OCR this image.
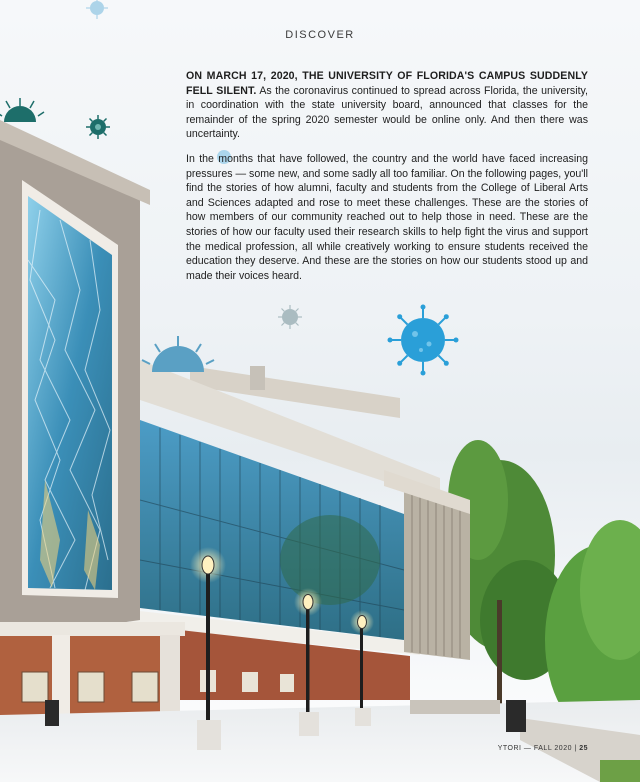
DISCOVER

ON MARCH 17, 2020, THE UNIVERSITY OF FLORIDA'S CAMPUS SUDDENLY FELL SILENT. As the coronavirus continued to spread across Florida, the university, in coordination with the state university board, announced that classes for the remainder of the spring 2020 semester would be online only. And then there was uncertainty.

In the months that have followed, the country and the world have faced increasing pressures — some new, and some sadly all too familiar. On the following pages, you'll find the stories of how alumni, faculty and students from the College of Liberal Arts and Sciences adapted and rose to meet these challenges. These are the stories of how members of our community reached out to help those in need. These are the stories of how our faculty used their research skills to help fight the virus and support the medical profession, all while creatively working to ensure students received the education they deserve. And these are the stories on how our students stood up and made their voices heard.

YTORI — FALL 2020 | 25
